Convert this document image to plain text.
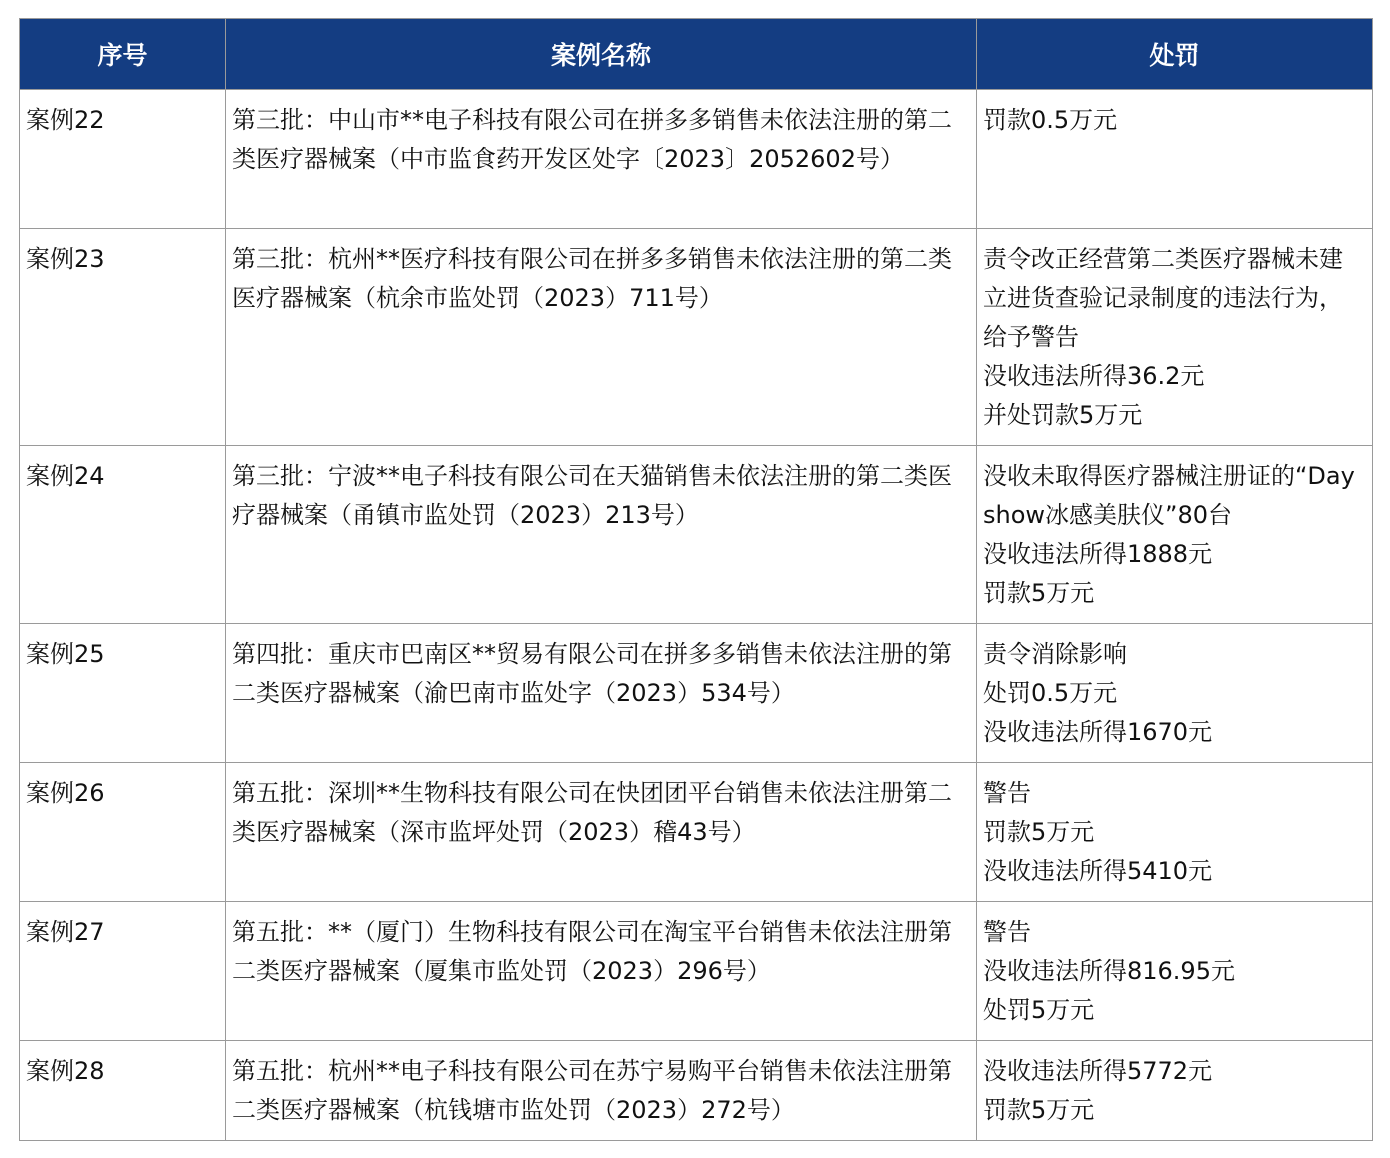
序号	案例名称	处罚
案例22	第三批：中山市**电子科技有限公司在拼多多销售未依法注册的第二类医疗器械案（中市监食药开发区处字〔2023〕2052602号）	罚款0.5万元

案例23	第三批：杭州**医疗科技有限公司在拼多多销售未依法注册的第二类医疗器械案（杭余市监处罚（2023）711号）	责令改正经营第二类医疗器械未建立进货查验记录制度的违法行为，给予警告
没收违法所得36.2元
并处罚款5万元

案例24	第三批：宁波**电子科技有限公司在天猫销售未依法注册的第二类医疗器械案（甬镇市监处罚（2023）213号）	没收未取得医疗器械注册证的“Dayshow冰感美肤仪”80台
没收违法所得1888元
罚款5万元

案例25	第四批：重庆市巴南区**贸易有限公司在拼多多销售未依法注册的第二类医疗器械案（渝巴南市监处字（2023）534号）	责令消除影响
处罚0.5万元
没收违法所得1670元

案例26	第五批：深圳**生物科技有限公司在快团团平台销售未依法注册第二类医疗器械案（深市监坪处罚（2023）稽43号）	警告
罚款5万元
没收违法所得5410元

案例27	第五批：**（厦门）生物科技有限公司在淘宝平台销售未依法注册第二类医疗器械案（厦集市监处罚（2023）296号）	警告
没收违法所得816.95元
处罚5万元

案例28	第五批：杭州**电子科技有限公司在苏宁易购平台销售未依法注册第二类医疗器械案（杭钱塘市监处罚（2023）272号）	没收违法所得5772元
罚款5万元
